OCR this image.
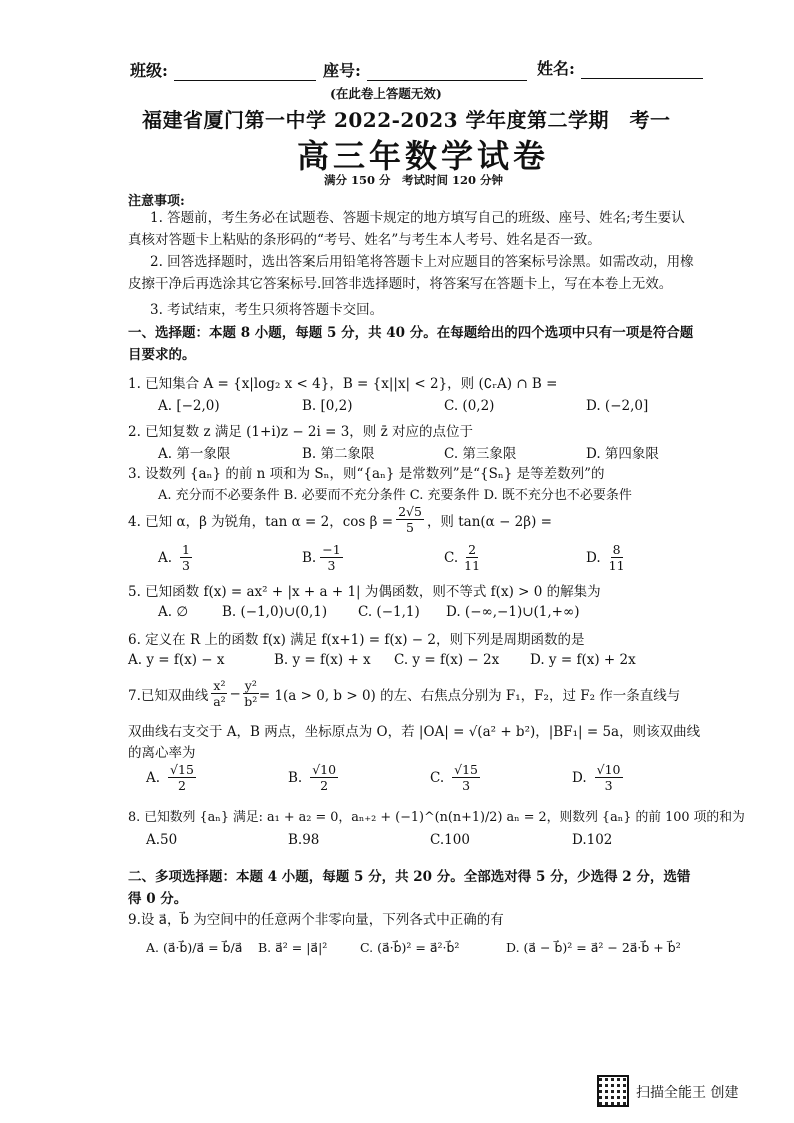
班级:	座号:	姓名:
(在此卷上答题无效)
福建省厦门第一中学 2022-2023 学年度第二学期　考一
高三年数学试卷
满分 150 分　考试时间 120 分钟
注意事项:
1. 答题前，考生务必在试题卷、答题卡规定的地方填写自己的班级、座号、姓名;考生要认真核对答题卡上粘贴的条形码的“考号、姓名”与考生本人考号、姓名是否一致。
2. 回答选择题时，选出答案后用铅笔将答题卡上对应题目的答案标号涂黑。如需改动，用橡皮擦干净后再选涂其它答案标号.回答非选择题时，将答案写在答题卡上，写在本卷上无效。
3. 考试结束，考生只须将答题卡交回。
一、选择题：本题 8 小题，每题 5 分，共 40 分。在每题给出的四个选项中只有一项是符合题目要求的。
1. 已知集合 A = {x|log₂ x < 4}，B = {x||x| < 2}，则 (∁ᵣA) ∩ B =
A. [−2,0)	B. [0,2)	C. (0,2)	D. (−2,0]
2. 已知复数 z 满足 (1+i)z − 2i = 3，则 z̄ 对应的点位于
A. 第一象限	B. 第二象限	C. 第三象限	D. 第四象限
3. 设数列 {aₙ} 的前 n 项和为 Sₙ，则“{aₙ} 是常数列”是“{Sₙ} 是等差数列”的
A. 充分而不必要条件 B. 必要而不充分条件 C. 充要条件 D. 既不充分也不必要条件
4. 已知 α，β 为锐角，tan α = 2，$\cos \beta = \frac{2√5}{5}$ ，则 tan(α − 2β) =
A. $\frac{1}{3}$	B. $\frac{-1}{3}$	C. $\frac{2}{11}$	D. $\frac{8}{11}$
5. 已知函数 f(x) = ax² + |x + a + 1| 为偶函数，则不等式 f(x) > 0 的解集为
A. ∅	B. (−1,0)∪(0,1) C. (−1,1) D. (−∞,−1)∪(1,+∞)
6. 定义在 R 上的函数 f(x) 满足 f(x+1) = f(x) − 2，则下列是周期函数的是
A. y = f(x) − x	B. y = f(x) + x C. y = f(x) − 2x D. y = f(x) + 2x
7.已知双曲线 $\frac{\text{x²}}{\text{a²}} - \frac{\text{y²}}{\text{b²}} = 1(a > 0$, b > 0) 的左、右焦点分别为 F₁，F₂，过 F₂ 作一条直线与
双曲线右支交于 A，B 两点，坐标原点为 O，若 |OA| = √(a² + b²)，|BF₁| = 5a，则该双曲线
的离心率为
A. $\frac{√15}{2}$	B. $\frac{√10}{2}$	C. $\frac{√15}{3}$	D. $\frac{√10}{3}$
8. 已知数列 {aₙ} 满足: a₁ + a₂ = 0，aₙ₊₂ + (−1)^(n(n+1)/2) aₙ = 2，则数列 {aₙ} 的前 100 项的和为
A.50	B.98	C.100	D.102
二、多项选择题：本题 4 小题，每题 5 分，共 20 分。全部选对得 5 分，少选得 2 分，选错得 0 分。
9.设 a⃗，b⃗ 为空间中的任意两个非零向量，下列各式中正确的有
A. (a⃗·b⃗)/a⃗ = b⃗/a⃗ B. a⃗² = |a⃗|²	C. (a⃗·b⃗)² = a⃗²·b⃗²	D. (a⃗ − b⃗)² = a⃗² − 2a⃗·b⃗ + b⃗²
扫描全能王 创建
